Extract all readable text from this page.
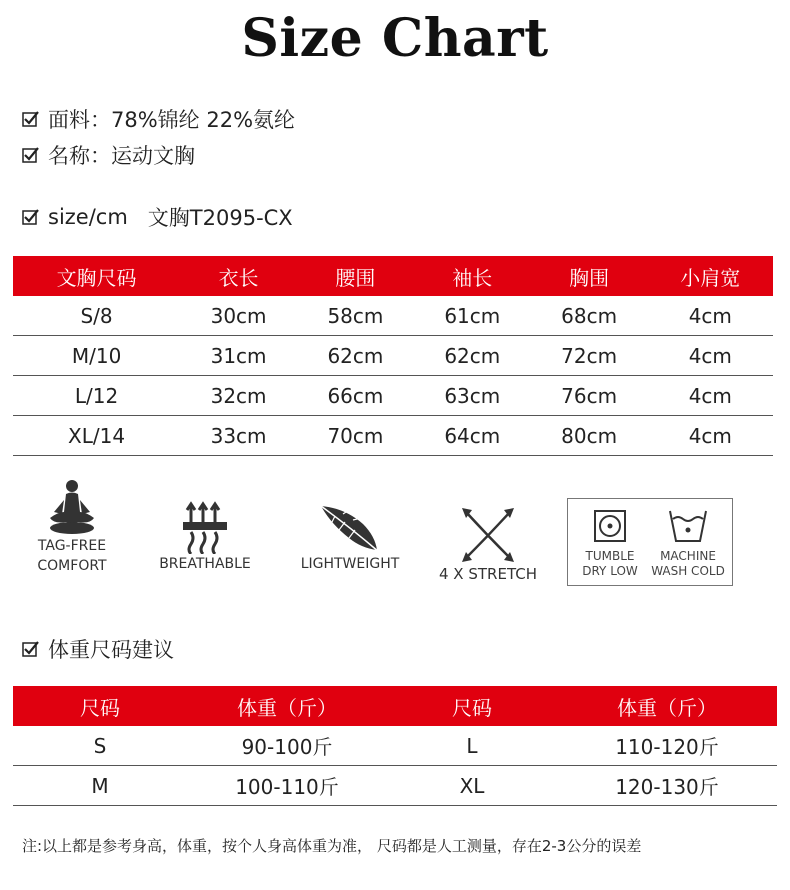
Size Chart
面料：78%锦纶 22%氨纶
名称：运动文胸
size/cm 文胸T2095-CX
文胸尺码	衣长	腰围	袖长	胸围	小肩宽
S/8	30cm	58cm	61cm	68cm	4cm
M/10	31cm	62cm	62cm	72cm	4cm
L/12	32cm	66cm	63cm	76cm	4cm
XL/14	33cm	70cm	64cm	80cm	4cm
TAG-FREE
COMFORT	BREATHABLE	LIGHTWEIGHT
4 X STRETCH
TUMBLE
DRY LOW
MACHINE
WASH COLD
体重尺码建议
尺码	体重（斤）	尺码	体重（斤）
S	90-100斤	L	110-120斤
M	100-110斤	XL	120-130斤
注:以上都是参考身高，体重，按个人身高体重为准， 尺码都是人工测量，存在2-3公分的误差
